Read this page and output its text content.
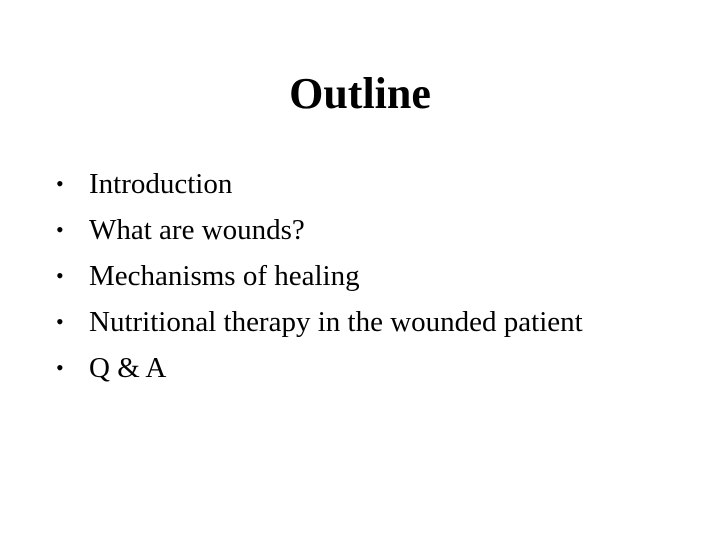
Outline
• Introduction
• What are wounds?
• Mechanisms of healing
• Nutritional therapy in the wounded patient
• Q & A
